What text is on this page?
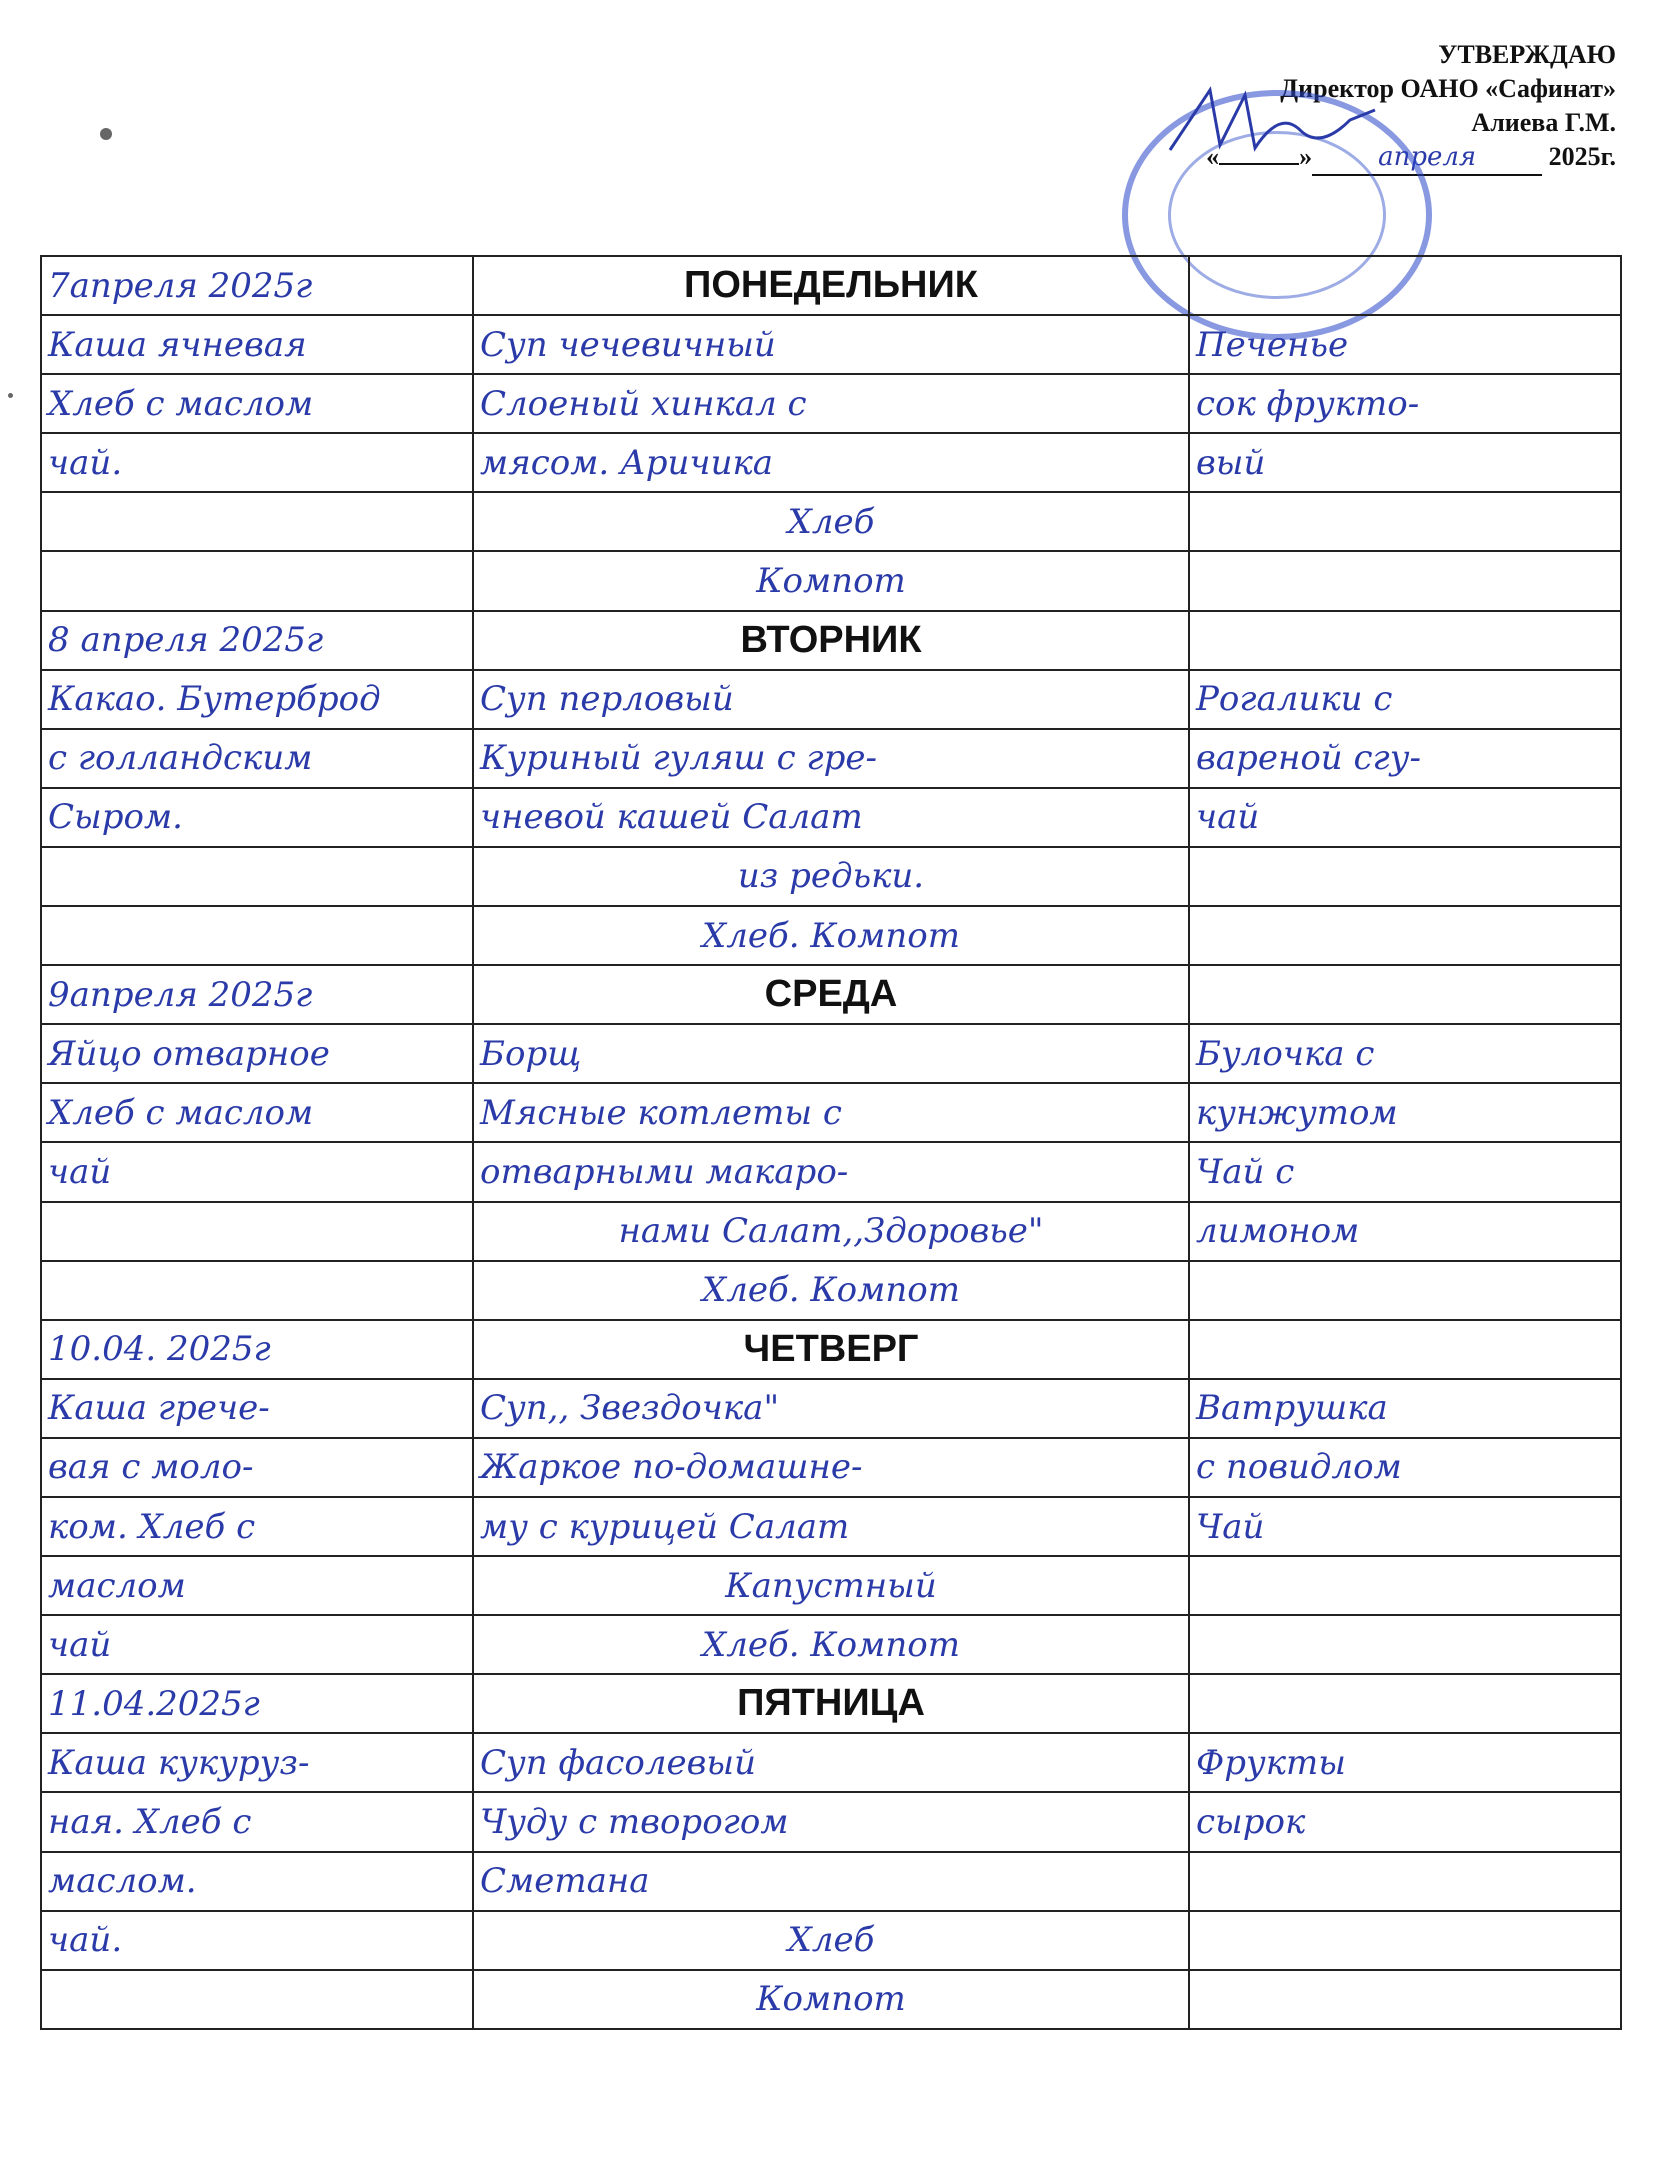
УТВЕРЖДАЮ
Директор ОАНО «Сафинат»
Алиева Г.М.
«	»	апреля	2025г.
7апреля 2025г	ПОНЕДЕЛЬНИК	
Каша ячневая	Суп чечевичный	Печенье
Хлеб с маслом	Слоеный хинкал с	сок фрукто-
чай.	мясом. Аричика	вый
	Хлеб	
	Компот	
8 апреля 2025г	ВТОРНИК	
Какао. Бутерброд	Суп перловый	Рогалики с
с голландским	Куриный гуляш с гре-	вареной сгу-
Сыром.	чневой кашей Салат	чай
	из редьки.	
	Хлеб. Компот	
9апреля 2025г	СРЕДА	
Яйцо отварное	Борщ	Булочка с
Хлеб с маслом	Мясные котлеты с	кунжутом
чай	отварными макаро-	Чай с
	нами Салат,,Здоровье"	лимоном
	Хлеб. Компот	
10.04. 2025г	ЧЕТВЕРГ	
Каша грече-	Суп,, Звездочка"	Ватрушка
вая с моло-	Жаркое по-домашне-	с повидлом
ком. Хлеб с	му с курицей Салат	Чай
маслом	Капустный	
чай	Хлеб. Компот	
11.04.2025г	ПЯТНИЦА	
Каша кукуруз-	Суп фасолевый	Фрукты
ная. Хлеб с	Чуду с творогом	сырок
маслом.	Сметана	
чай.	Хлеб	
	Компот	
